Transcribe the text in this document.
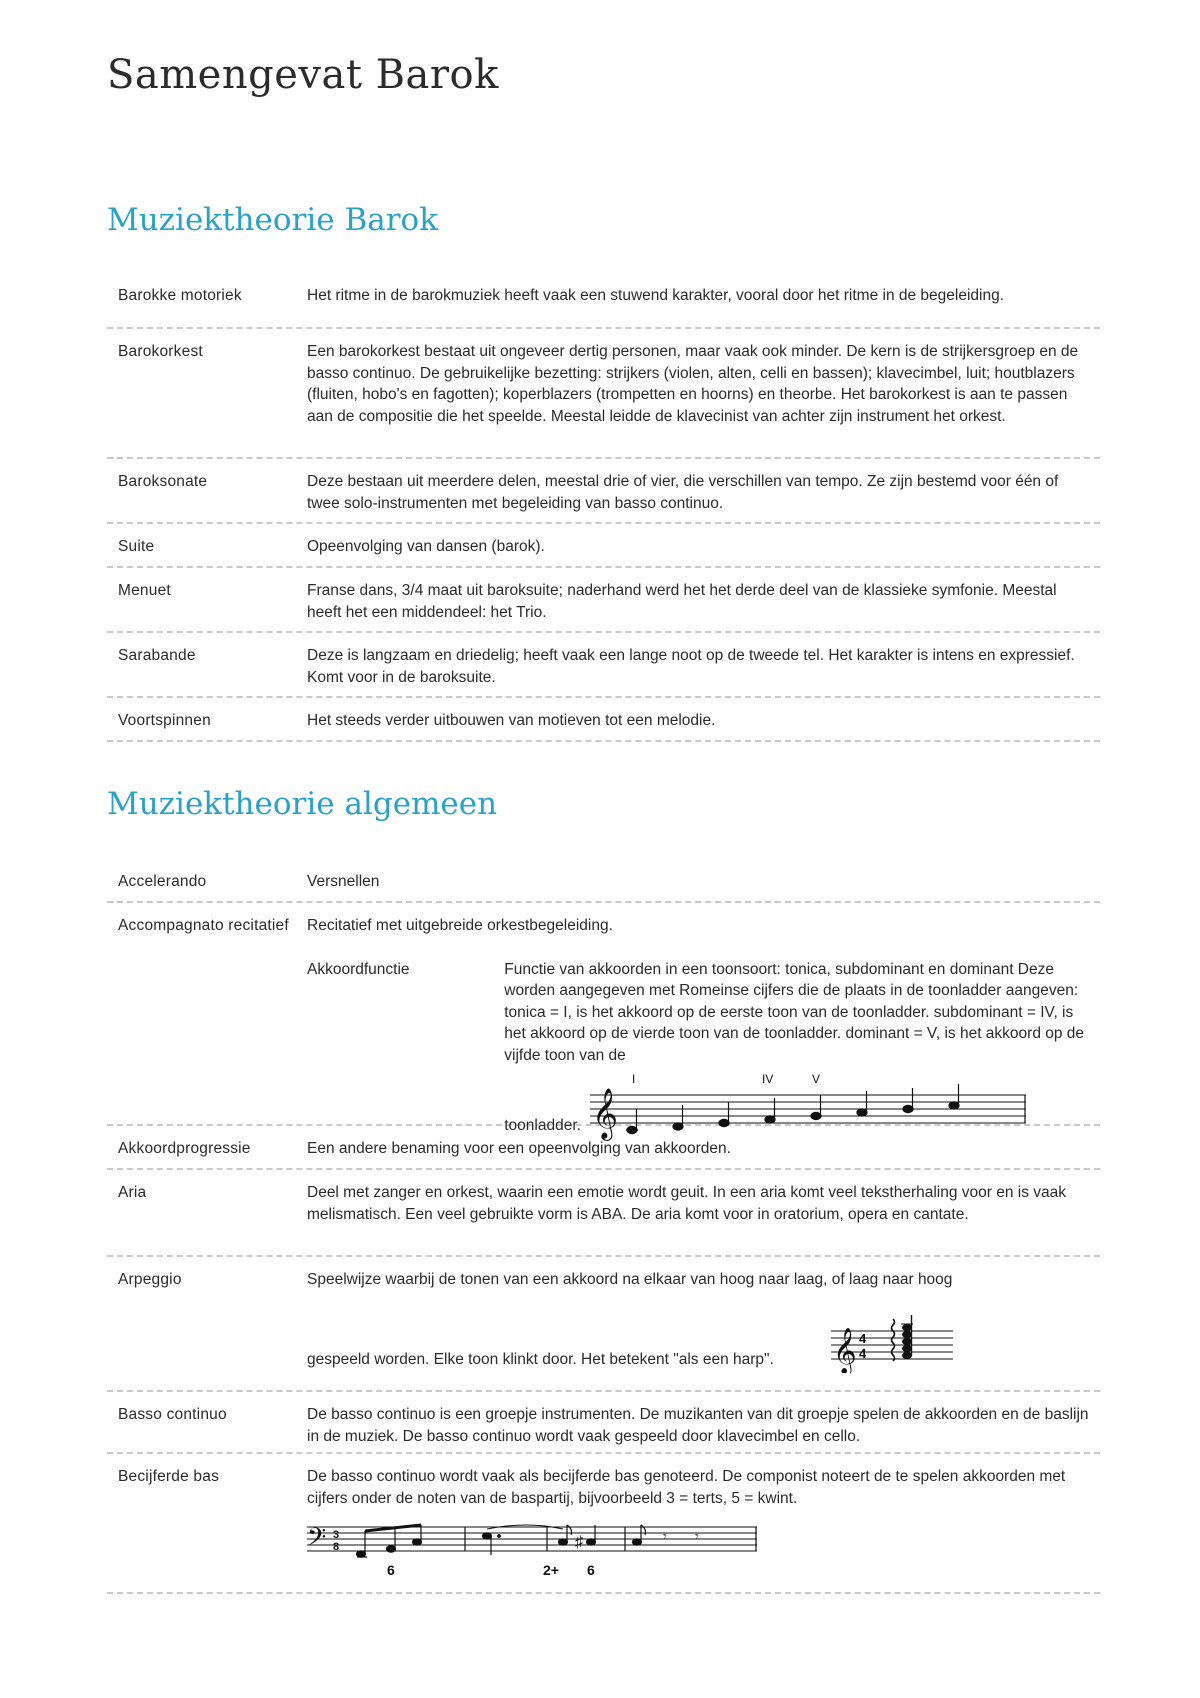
Samengevat Barok
Muziektheorie Barok
Barokke motoriek	Het ritme in de barokmuziek heeft vaak een stuwend karakter, vooral door het ritme in de begeleiding.
Barokorkest	Een barokorkest bestaat uit ongeveer dertig personen, maar vaak ook minder. De kern is de strijkersgroep en de basso continuo. De gebruikelijke bezetting: strijkers (violen, alten, celli en bassen); klavecimbel, luit; houtblazers (fluiten, hobo's en fagotten); koperblazers (trompetten en hoorns) en theorbe. Het barokorkest is aan te passen aan de compositie die het speelde. Meestal leidde de klavecinist van achter zijn instrument het orkest.
Baroksonate	Deze bestaan uit meerdere delen, meestal drie of vier, die verschillen van tempo. Ze zijn bestemd voor één of twee solo-instrumenten met begeleiding van basso continuo.
Suite	Opeenvolging van dansen (barok).
Menuet	Franse dans, 3/4 maat uit baroksuite; naderhand werd het het derde deel van de klassieke symfonie. Meestal heeft het een middendeel: het Trio.
Sarabande	Deze is langzaam en driedelig; heeft vaak een lange noot op de tweede tel. Het karakter is intens en expressief. Komt voor in de baroksuite.
Voortspinnen	Het steeds verder uitbouwen van motieven tot een melodie.
Muziektheorie algemeen
Accelerando	Versnellen
Accompagnato recitatief	Recitatief met uitgebreide orkestbegeleiding.
Akkoordfunctie	Functie van akkoorden in een toonsoort: tonica, subdominant en dominant Deze worden aangegeven met Romeinse cijfers die de plaats in de toonladder aangeven: tonica = I, is het akkoord op de eerste toon van de toonladder. subdominant = IV, is het akkoord op de vierde toon van de toonladder. dominant = V, is het akkoord op de vijfde toon van de
toonladder. 𝄞
I	IV	V
Akkoordprogressie	Een andere benaming voor een opeenvolging van akkoorden.
Aria	Deel met zanger en orkest, waarin een emotie wordt geuit. In een aria komt veel tekstherhaling voor en is vaak melismatisch. Een veel gebruikte vorm is ABA. De aria komt voor in oratorium, opera en cantate.
Arpeggio	Speelwijze waarbij de tonen van een akkoord na elkaar van hoog naar laag, of laag naar hoog
gespeeld worden. Elke toon klinkt door. Het betekent "als een harp". 𝄞 4
4
Basso continuo	De basso continuo is een groepje instrumenten. De muzikanten van dit groepje spelen de akkoorden en de baslijn in de muziek. De basso continuo wordt vaak gespeeld door klavecimbel en cello.
Becijferde bas	De basso continuo wordt vaak als becijferde bas genoteerd. De componist noteert de te spelen akkoorden met cijfers onder de noten van de baspartij, bijvoorbeeld 3 = terts, 5 = kwint.
𝄢 3
8	♯	𝄾 𝄾
6	2+ 6
